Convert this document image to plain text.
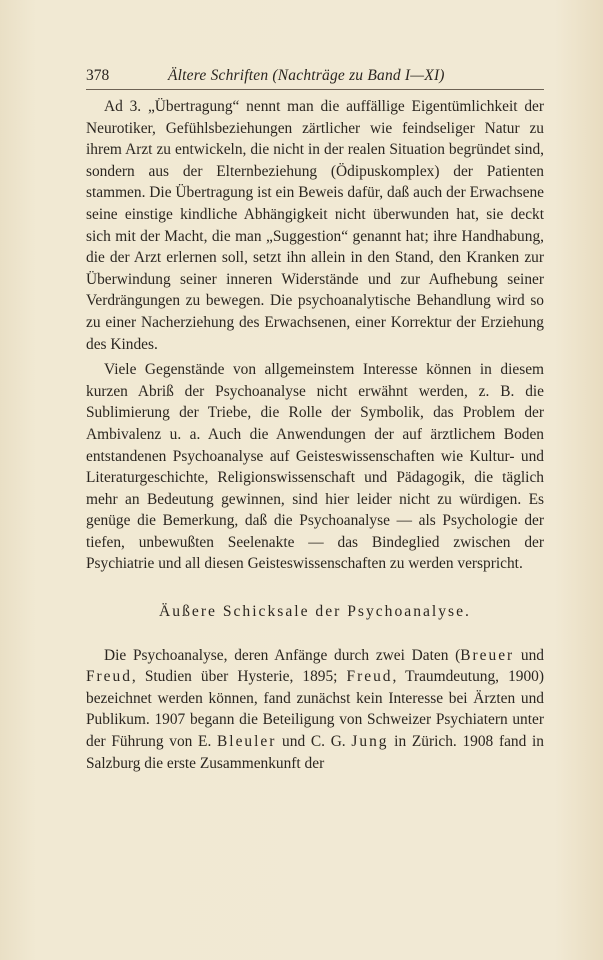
378	Ältere Schriften (Nachträge zu Band I—XI)

Ad 3. „Übertragung“ nennt man die auffällige Eigentümlichkeit der Neurotiker, Gefühlsbeziehungen zärtlicher wie feindseliger Natur zu ihrem Arzt zu entwickeln, die nicht in der realen Situation begründet sind, sondern aus der Elternbeziehung (Ödipuskomplex) der Patienten stammen. Die Übertragung ist ein Beweis dafür, daß auch der Erwachsene seine einstige kindliche Abhängigkeit nicht überwunden hat, sie deckt sich mit der Macht, die man „Suggestion“ genannt hat; ihre Handhabung, die der Arzt erlernen soll, setzt ihn allein in den Stand, den Kranken zur Überwindung seiner inneren Widerstände und zur Aufhebung seiner Verdrängungen zu bewegen. Die psychoanalytische Behandlung wird so zu einer Nacherziehung des Erwachsenen, einer Korrektur der Erziehung des Kindes.

Viele Gegenstände von allgemeinstem Interesse können in diesem kurzen Abriß der Psychoanalyse nicht erwähnt werden, z. B. die Sublimierung der Triebe, die Rolle der Symbolik, das Problem der Ambivalenz u. a. Auch die Anwendungen der auf ärztlichem Boden entstandenen Psychoanalyse auf Geisteswissenschaften wie Kultur- und Literaturgeschichte, Religionswissenschaft und Pädagogik, die täglich mehr an Bedeutung gewinnen, sind hier leider nicht zu würdigen. Es genüge die Bemerkung, daß die Psychoanalyse — als Psychologie der tiefen, unbewußten Seelenakte — das Bindeglied zwischen der Psychiatrie und all diesen Geisteswissenschaften zu werden verspricht.

Äußere Schicksale der Psychoanalyse.

Die Psychoanalyse, deren Anfänge durch zwei Daten (Breuer und Freud, Studien über Hysterie, 1895; Freud, Traumdeutung, 1900) bezeichnet werden können, fand zunächst kein Interesse bei Ärzten und Publikum. 1907 begann die Beteiligung von Schweizer Psychiatern unter der Führung von E. Bleuler und C. G. Jung in Zürich. 1908 fand in Salzburg die erste Zusammenkunft der
